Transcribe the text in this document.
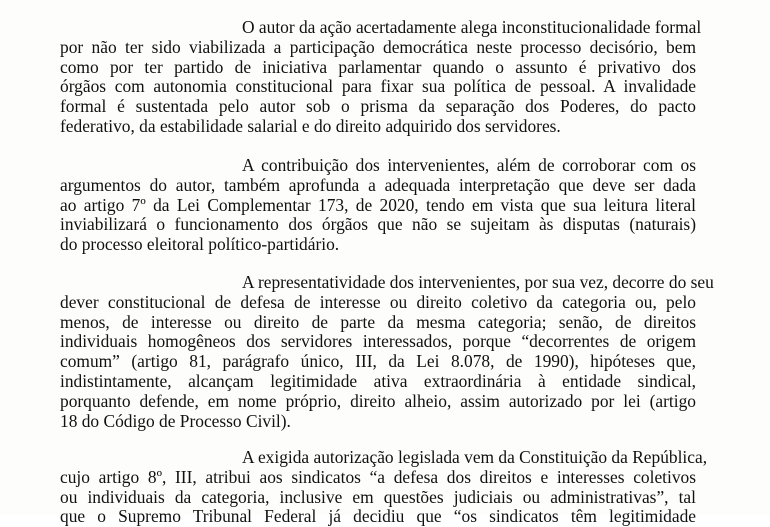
O autor da ação acertadamente alega inconstitucionalidade formal
por não ter sido viabilizada a participação democrática neste processo decisório, bem
como por ter partido de iniciativa parlamentar quando o assunto é privativo dos
órgãos com autonomia constitucional para fixar sua política de pessoal. A invalidade
formal é sustentada pelo autor sob o prisma da separação dos Poderes, do pacto
federativo, da estabilidade salarial e do direito adquirido dos servidores.
A contribuição dos intervenientes, além de corroborar com os
argumentos do autor, também aprofunda a adequada interpretação que deve ser dada
ao artigo 7º da Lei Complementar 173, de 2020, tendo em vista que sua leitura literal
inviabilizará o funcionamento dos órgãos que não se sujeitam às disputas (naturais)
do processo eleitoral político-partidário.
A representatividade dos intervenientes, por sua vez, decorre do seu
dever constitucional de defesa de interesse ou direito coletivo da categoria ou, pelo
menos, de interesse ou direito de parte da mesma categoria; senão, de direitos
individuais homogêneos dos servidores interessados, porque “decorrentes de origem
comum” (artigo 81, parágrafo único, III, da Lei 8.078, de 1990), hipóteses que,
indistintamente, alcançam legitimidade ativa extraordinária à entidade sindical,
porquanto defende, em nome próprio, direito alheio, assim autorizado por lei (artigo
18 do Código de Processo Civil).
A exigida autorização legislada vem da Constituição da República,
cujo artigo 8º, III, atribui aos sindicatos “a defesa dos direitos e interesses coletivos
ou individuais da categoria, inclusive em questões judiciais ou administrativas”, tal
que o Supremo Tribunal Federal já decidiu que “os sindicatos têm legitimidade
